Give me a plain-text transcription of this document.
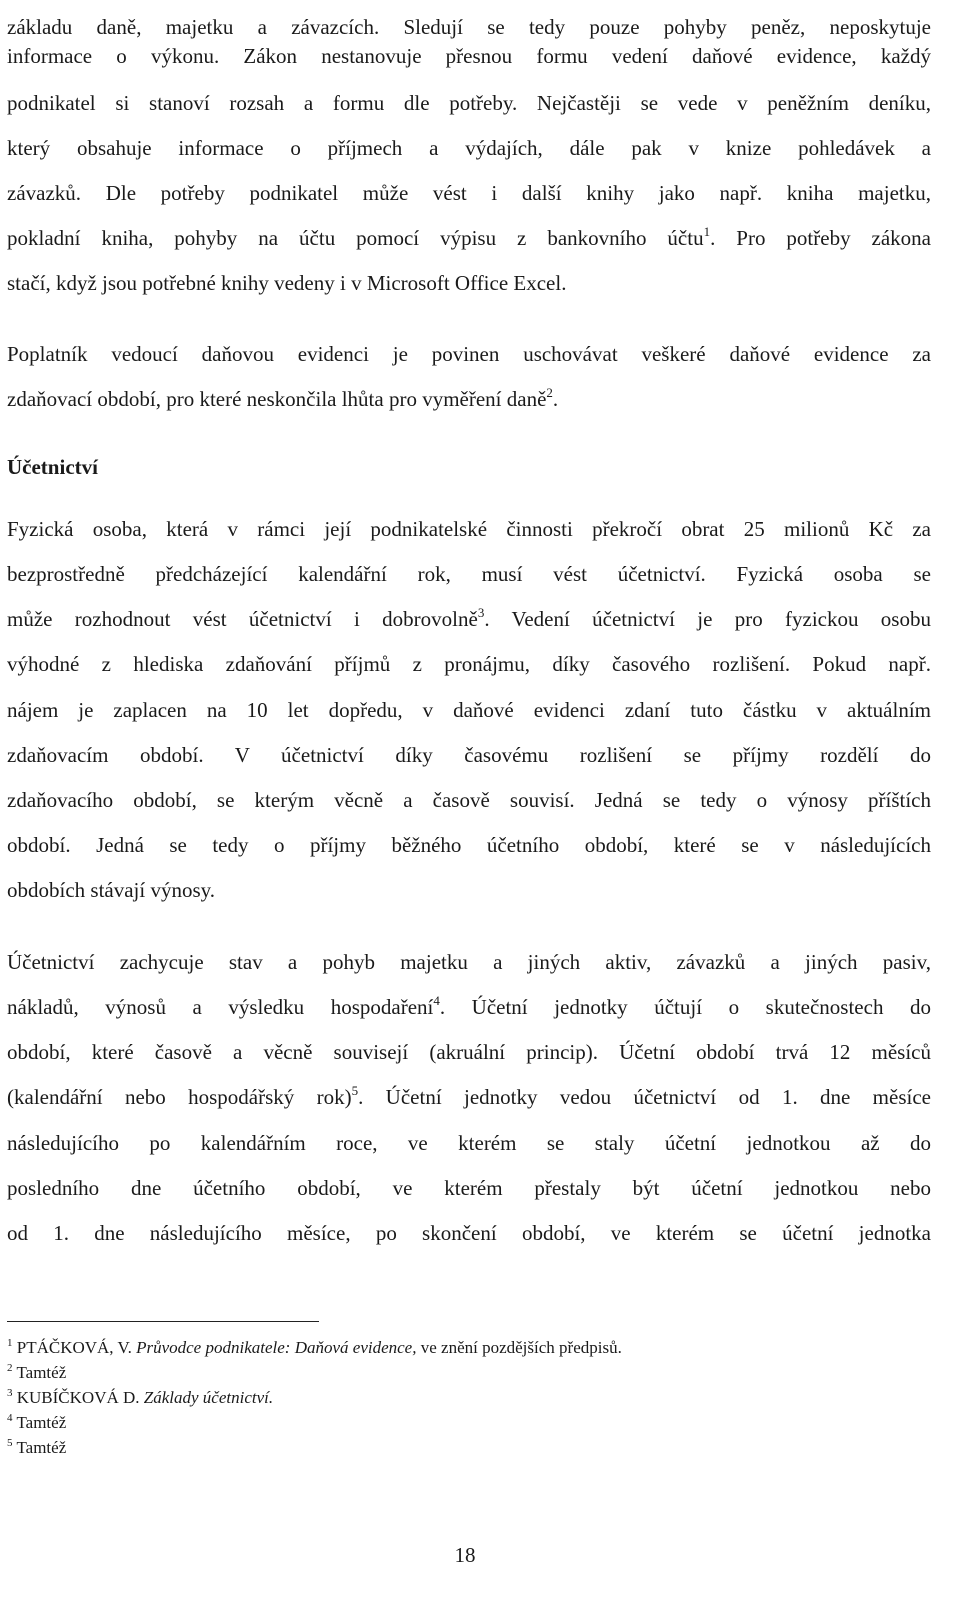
základu daně, majetku a závazcích. Sledují se tedy pouze pohyby peněz, neposkytuje
informace o výkonu. Zákon nestanovuje přesnou formu vedení daňové evidence, každý
podnikatel si stanoví rozsah a formu dle potřeby. Nejčastěji se vede v peněžním deníku,
který obsahuje informace o příjmech a výdajích, dále pak v knize pohledávek a
závazků. Dle potřeby podnikatel může vést i další knihy jako např. kniha majetku,
pokladní kniha, pohyby na účtu pomocí výpisu z bankovního účtu$^1$. Pro potřeby zákona
stačí, když jsou potřebné knihy vedeny i v Microsoft Office Excel.
Poplatník vedoucí daňovou evidenci je povinen uschovávat veškeré daňové evidence za
zdaňovací období, pro které neskončila lhůta pro vyměření daně$^2$.
Účetnictví
Fyzická osoba, která v rámci její podnikatelské činnosti překročí obrat 25 milionů Kč za
bezprostředně předcházející kalendářní rok, musí vést účetnictví. Fyzická osoba se
může rozhodnout vést účetnictví i dobrovolně$^3$. Vedení účetnictví je pro fyzickou osobu
výhodné z hlediska zdaňování příjmů z pronájmu, díky časového rozlišení. Pokud např.
nájem je zaplacen na 10 let dopředu, v daňové evidenci zdaní tuto částku v aktuálním
zdaňovacím období. V účetnictví díky časovému rozlišení se příjmy rozdělí do
zdaňovacího období, se kterým věcně a časově souvisí. Jedná se tedy o výnosy příštích
období. Jedná se tedy o příjmy běžného účetního období, které se v následujících
obdobích stávají výnosy.
Účetnictví zachycuje stav a pohyb majetku a jiných aktiv, závazků a jiných pasiv,
nákladů, výnosů a výsledku hospodaření$^4$. Účetní jednotky účtují o skutečnostech do
období, které časově a věcně souvisejí (akruální princip). Účetní období trvá 12 měsíců
(kalendářní nebo hospodářský rok)$^5$. Účetní jednotky vedou účetnictví od 1. dne měsíce
následujícího po kalendářním roce, ve kterém se staly účetní jednotkou až do
posledního dne účetního období, ve kterém přestaly být účetní jednotkou nebo
od 1. dne následujícího měsíce, po skončení období, ve kterém se účetní jednotka
$^1$ PTÁČKOVÁ, V. Průvodce podnikatele: Daňová evidence, ve znění pozdějších předpisů.
$^2$ Tamtéž
$^3$ KUBÍČKOVÁ D. Základy účetnictví.
$^4$ Tamtéž
$^5$ Tamtéž
18
